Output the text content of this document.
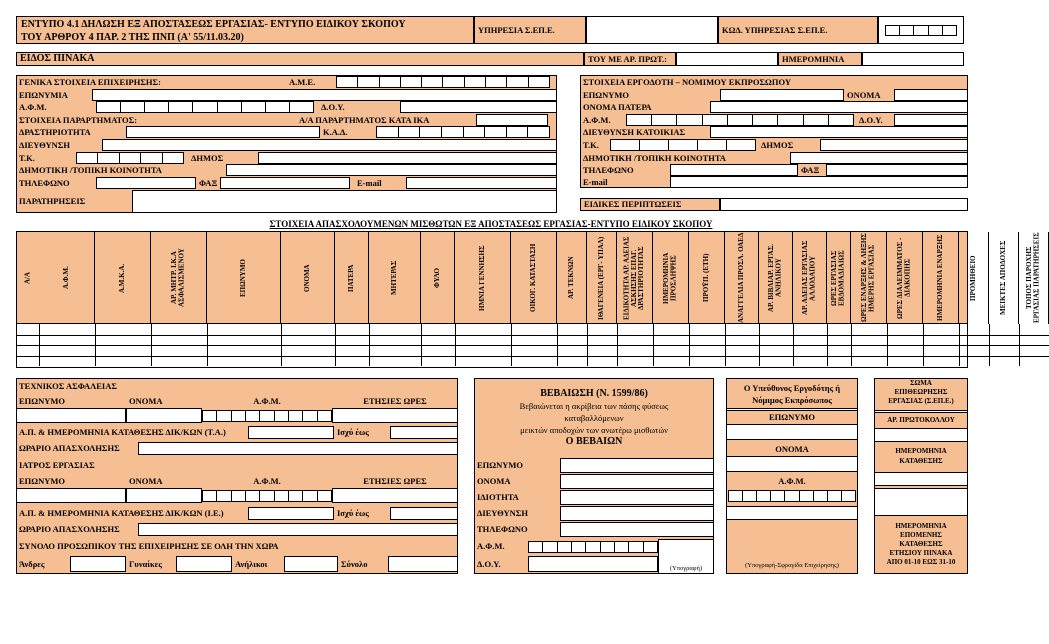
ΕΝΤΥΠΟ 4.1 ΔΗΛΩΣΗ ΕΞ ΑΠΟΣΤΑΣΕΩΣ ΕΡΓΑΣΙΑΣ- ΕΝΤΥΠΟ ΕΙΔΙΚΟΥ ΣΚΟΠΟΥ
ΤΟΥ ΑΡΘΡΟΥ 4 ΠΑΡ. 2 ΤΗΣ ΠΝΠ (Α' 55/11.03.20)
ΥΠΗΡΕΣΙΑ Σ.ΕΠ.Ε.	ΚΩΔ. ΥΠΗΡΕΣΙΑΣ Σ.ΕΠ.Ε.
ΕΙΔΟΣ ΠΙΝΑΚΑ	ΤΟΥ ΜΕ ΑΡ. ΠΡΩΤ.:	ΗΜΕΡΟΜΗΝΙΑ
ΓΕΝΙΚΑ ΣΤΟΙΧΕΙΑ ΕΠΙΧΕΙΡΗΣΗΣ:	Α.Μ.Ε.
ΕΠΩΝΥΜΙΑ
Α.Φ.Μ.	Δ.Ο.Υ.
ΣΤΟΙΧΕΙΑ ΠΑΡΑΡΤΗΜΑΤΟΣ:	Α/Α ΠΑΡΑΡΤΗΜΑΤΟΣ ΚΑΤΑ ΙΚΑ
ΔΡΑΣΤΗΡΙΟΤΗΤΑ	Κ.Α.Δ.
ΔΙΕΥΘΥΝΣΗ
Τ.Κ.	ΔΗΜΟΣ
ΔΗΜΟΤΙΚΗ /ΤΟΠΙΚΗ ΚΟΙΝΟΤΗΤΑ
ΤΗΛΕΦΩΝΟ	ΦΑΞ	E-mail
ΠΑΡΑΤΗΡΗΣΕΙΣ
ΣΤΟΙΧΕΙΑ ΕΡΓΟΔΟΤΗ – ΝΟΜΙΜΟΥ ΕΚΠΡΟΣΩΠΟΥ
ΕΠΩΝΥΜΟ	ΟΝΟΜΑ
ΟΝΟΜΑ ΠΑΤΕΡΑ
Α.Φ.Μ.	Δ.Ο.Υ.
ΔΙΕΥΘΥΝΣΗ ΚΑΤΟΙΚΙΑΣ
Τ.Κ.	ΔΗΜΟΣ
ΔΗΜΟΤΙΚΗ /ΤΟΠΙΚΗ ΚΟΙΝΟΤΗΤΑ
ΤΗΛΕΦΩΝΟ	ΦΑΞ
E-mail
ΕΙΔΙΚΕΣ ΠΕΡΙΠΤΩΣΕΙΣ
ΣΤΟΙΧΕΙΑ ΑΠΑΣΧΟΛΟΥΜΕΝΩΝ ΜΙΣΘΩΤΩΝ ΕΞ ΑΠΟΣΤΑΣΕΩΣ ΕΡΓΑΣΙΑΣ-ΕΝΤΥΠΟ ΕΙΔΙΚΟΥ ΣΚΟΠΟΥ
Α/Α	Α.Φ.Μ.	Α.Μ.Κ.Α.	ΑΡ. ΜΗΤΡ. Ι.Κ.Α ΑΣΦΑΛΙΣΜΕΝΟΥ	ΕΠΩΝΥΜΟ	ΟΝΟΜΑ	ΠΑΤΕΡΑ	ΜΗΤΕΡΑΣ	ΦΥΛΟ	ΗΜΝΙΑ ΓΕΝΝΗΣΗΣ	ΟΙΚΟΓ. ΚΑΤΑΣΤΑΣΗ	ΑΡ. ΤΕΚΝΩΝ	ΙΘΑΓΕΝΕΙΑ (ΕΡΓ- ΥΠΑΛ)	ΕΙΔΙΚΟΤΗΤΑ ΑΡ. ΑΔΕΙΑΣ ΑΣΚΗΣΗΣ ΕΠΑΓ. ΔΡΑΣΤΗΡΙΟΤΗΤΑΣ	ΗΜΕΡΟΜΗΝΙΑ ΠΡΟΣΛΗΨΗΣ	ΠΡΟΫΠ. (ΕΤΗ)	ΑΝΑΓΓΕΛΙΑ ΠΡΟΣΛ. ΟΑΕΔ	ΑΡ. ΒΙΒΛΙΑΡ. ΕΡΓΑΣ. ΑΝΗΛΙΚΟΥ	ΑΡ. ΑΔΕΙΑΣ ΕΡΓΑΣΙΑΣ ΑΛΛΟΔΑΠΟΥ	ΩΡΕΣ ΕΡΓΑΣΙΑΣ ΕΒΔΟΜΑΔΙΑΙΩΣ	ΩΡΕΣ ΕΝΑΡΞΗΣ & ΛΗΞΗΣ ΗΜΕΡΗΣ ΕΡΓΑΣΙΑΣ	ΩΡΕΣ ΔΙΑΛΕΙΜΜΑΤΟΣ - ΔΙΑΚΟΠΗΣ	ΗΜΕΡΟΜΗΝΙΑ ΕΝΑΡΞΗΣ	ΠΡΟΜΗΘΕΙΟ	ΜΕΙΚΤΕΣ ΑΠΟΔΟΧΕΣ	ΤΟΠΟΣ ΠΑΡΟΧΗΣ ΕΡΓΑΣΙΑΣ ΠΑΡΑΤΗΡΗΣΕΙΣ
ΤΕΧΝΙΚΟΣ ΑΣΦΑΛΕΙΑΣ
ΕΠΩΝΥΜΟ	ΟΝΟΜΑ	Α.Φ.Μ.	ΕΤΗΣΙΕΣ ΩΡΕΣ
Α.Π. & ΗΜΕΡΟΜΗΝΙΑ ΚΑΤΑΘΕΣΗΣ ΔΙΚ/ΚΩΝ (Τ.Α.)	Ισχύ έως
ΩΡΑΡΙΟ ΑΠΑΣΧΟΛΗΣΗΣ
ΙΑΤΡΟΣ ΕΡΓΑΣΙΑΣ
ΕΠΩΝΥΜΟ	ΟΝΟΜΑ	Α.Φ.Μ.	ΕΤΗΣΙΕΣ ΩΡΕΣ
Α.Π. & ΗΜΕΡΟΜΗΝΙΑ ΚΑΤΑΘΕΣΗΣ ΔΙΚ/ΚΩΝ (Ι.Ε.)	Ισχύ έως
ΩΡΑΡΙΟ ΑΠΑΣΧΟΛΗΣΗΣ
ΣΥΝΟΛΟ ΠΡΟΣΩΠΙΚΟΥ ΤΗΣ ΕΠΙΧΕΙΡΗΣΗΣ ΣΕ ΟΛΗ ΤΗΝ ΧΩΡΑ
Άνδρες	Γυναίκες	Ανήλικοι	Σύνολο
ΒΕΒΑΙΩΣΗ (Ν. 1599/86)
Βεβαιώνεται η ακρίβεια των πάσης φύσεως
καταβαλλόμενων
μεικτών αποδοχών των ανωτέρω μισθωτών
Ο ΒΕΒΑΙΩΝ
ΕΠΩΝΥΜΟ
ΟΝΟΜΑ
ΙΔΙΟΤΗΤΑ
ΔΙΕΥΘΥΝΣΗ
ΤΗΛΕΦΩΝΟ
Α.Φ.Μ.
(Υπογραφή)
Δ.Ο.Υ.
Ο Υπεύθυνος Εργοδότης ή
Νόμιμος Εκπρόσωπος
ΕΠΩΝΥΜΟ
ΟΝΟΜΑ
Α.Φ.Μ.
(Υπογραφή-Σφραγίδα Επιχείρησης)
ΣΩΜΑ
ΕΠΙΘΕΩΡΗΣΗΣ
ΕΡΓΑΣΙΑΣ (Σ.ΕΠ.Ε.)
ΑΡ. ΠΡΩΤΟΚΟΛΛΟΥ
ΗΜΕΡΟΜΗΝΙΑ
ΚΑΤΑΘΕΣΗΣ
ΗΜΕΡΟΜΗΝΙΑ
ΕΠΟΜΕΝΗΣ
ΚΑΤΑΘΕΣΗΣ
ΕΤΗΣΙΟΥ ΠΙΝΑΚΑ
ΑΠΟ 01-10 ΕΩΣ 31-10
